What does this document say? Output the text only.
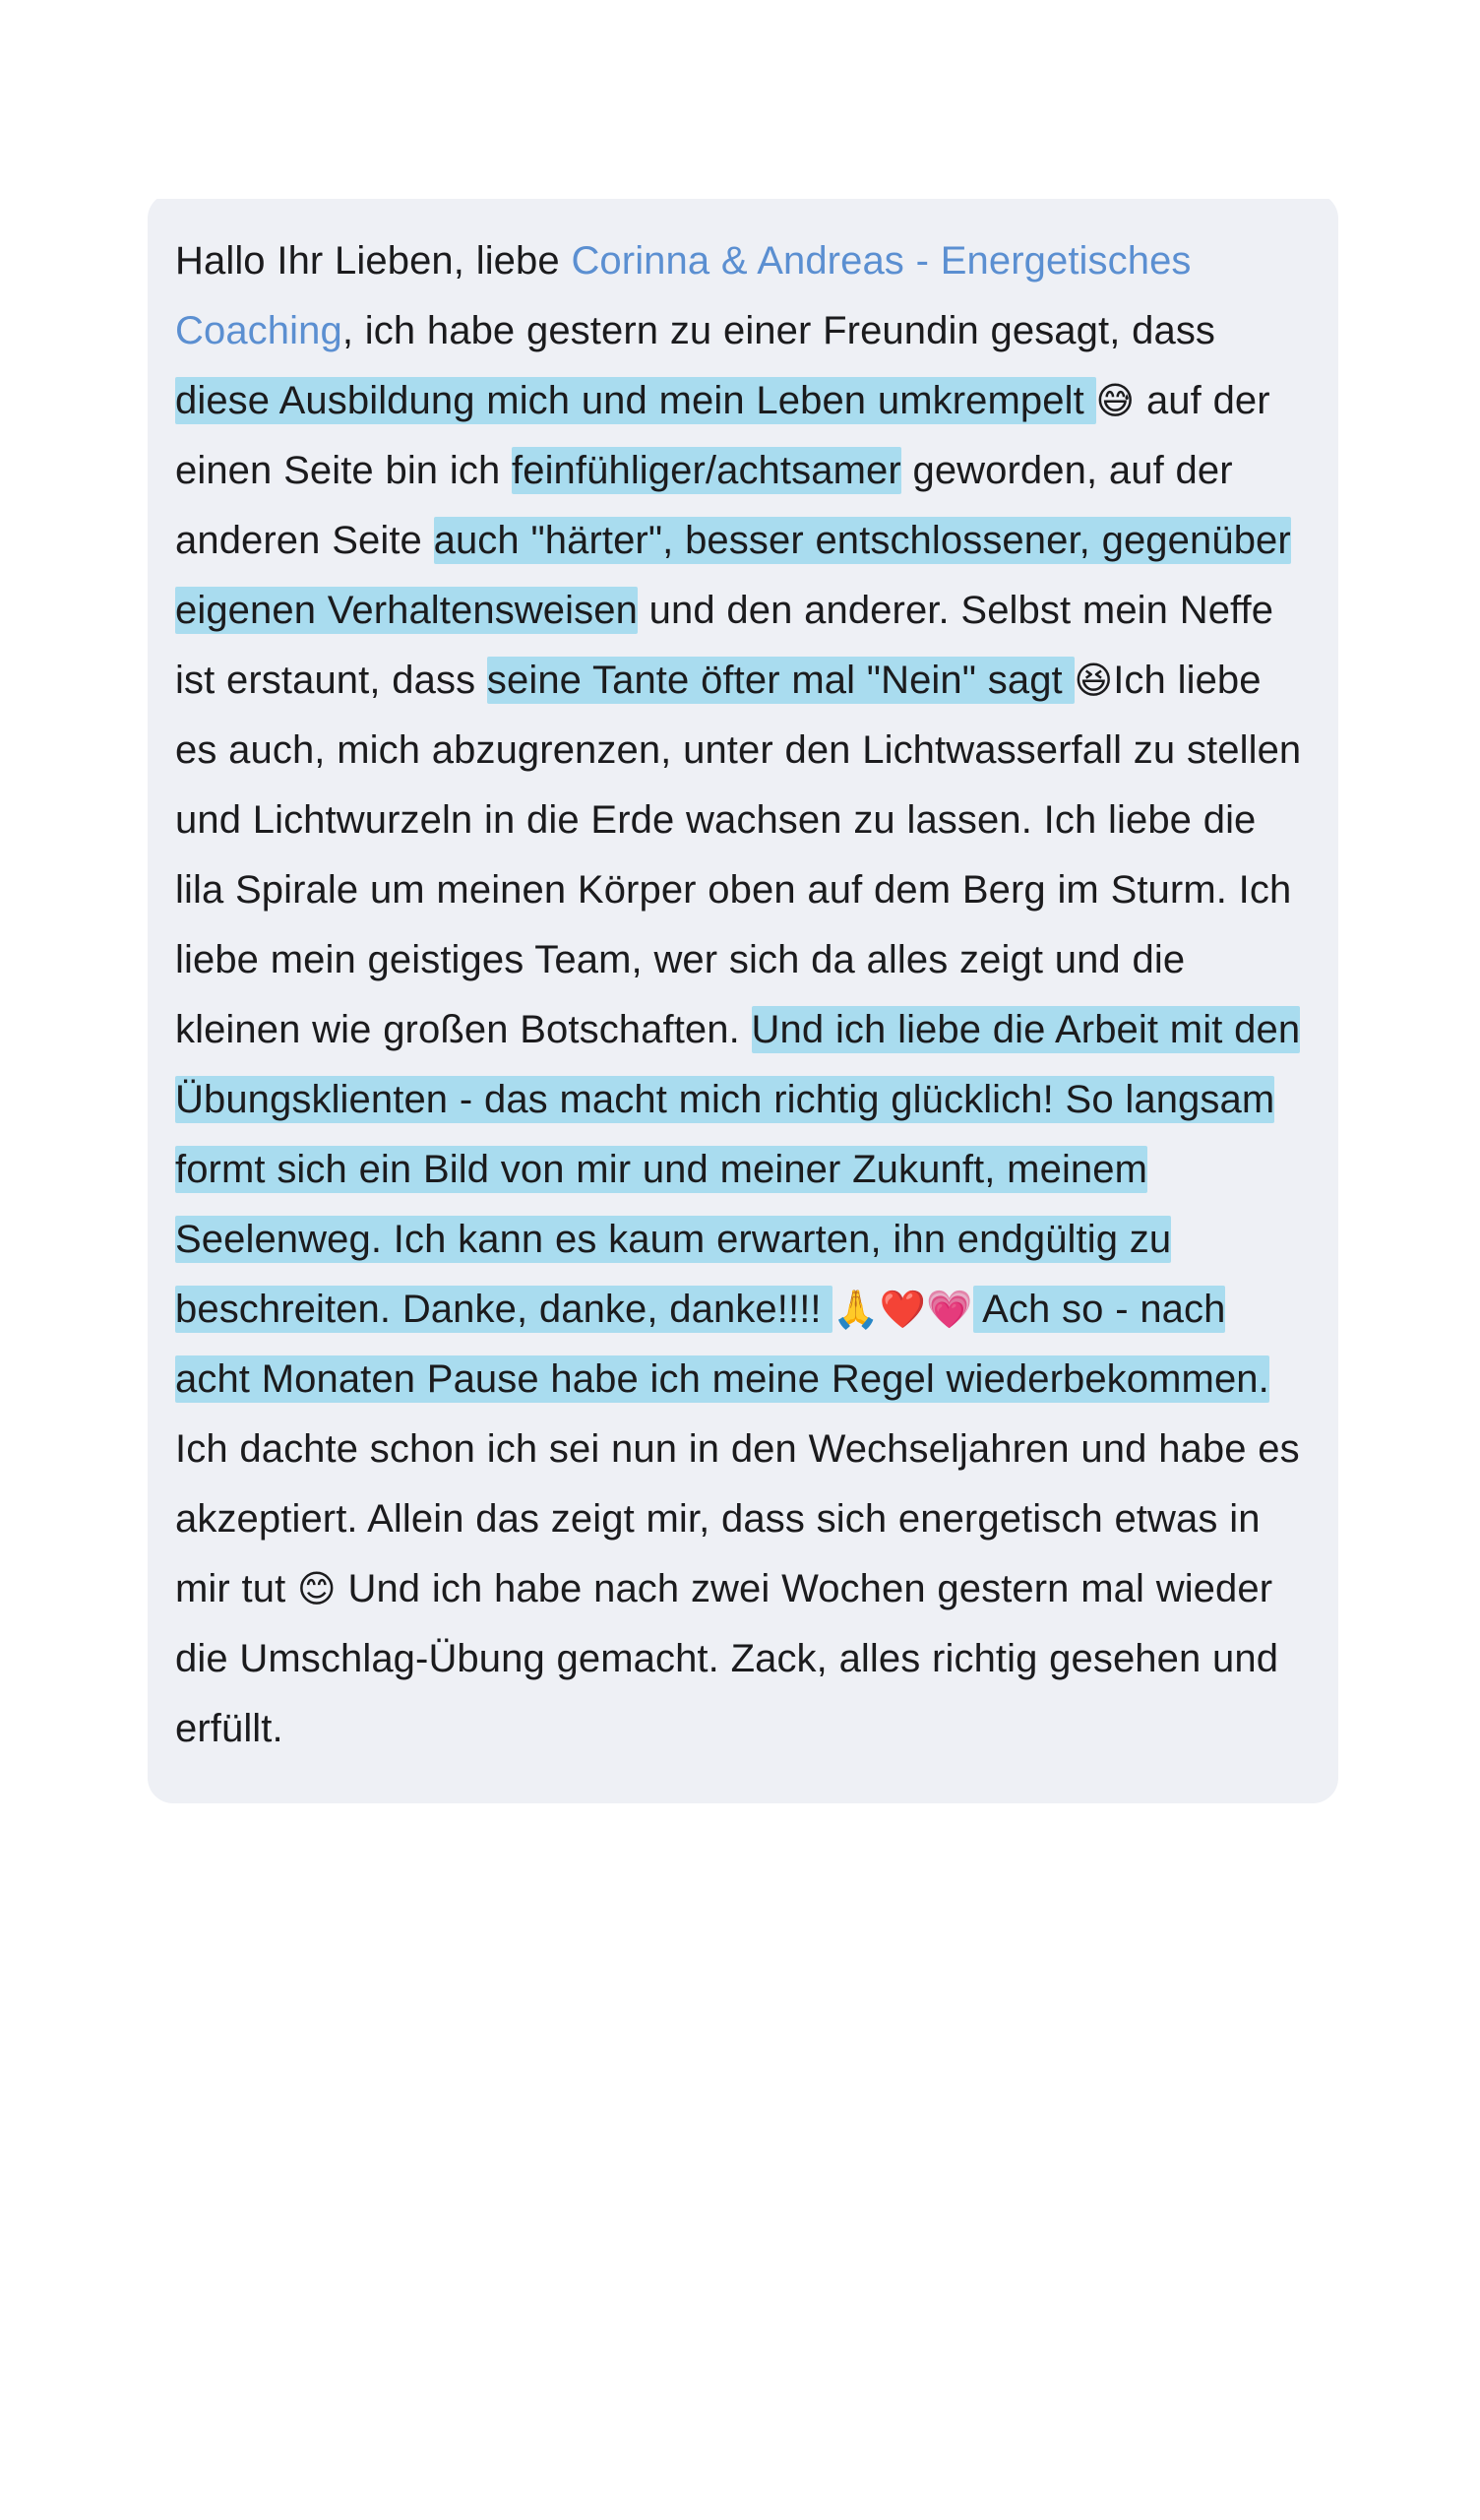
Hallo Ihr Lieben, liebe Corinna & Andreas - Energetisches Coaching, ich habe gestern zu einer Freundin gesagt, dass diese Ausbildung mich und mein Leben umkrempelt 😅 auf der einen Seite bin ich feinfühliger/achtsamer geworden, auf der anderen Seite auch "härter", besser entschlossener, gegenüber eigenen Verhaltensweisen und den anderer. Selbst mein Neffe ist erstaunt, dass seine Tante öfter mal "Nein" sagt 😆Ich liebe es auch, mich abzugrenzen, unter den Lichtwasserfall zu stellen und Lichtwurzeln in die Erde wachsen zu lassen. Ich liebe die lila Spirale um meinen Körper oben auf dem Berg im Sturm. Ich liebe mein geistiges Team, wer sich da alles zeigt und die kleinen wie großen Botschaften. Und ich liebe die Arbeit mit den Übungsklienten - das macht mich richtig glücklich! So langsam formt sich ein Bild von mir und meiner Zukunft, meinem Seelenweg. Ich kann es kaum erwarten, ihn endgültig zu beschreiten. Danke, danke, danke!!!! 🙏❤️💗 Ach so - nach acht Monaten Pause habe ich meine Regel wiederbekommen. Ich dachte schon ich sei nun in den Wechseljahren und habe es akzeptiert. Allein das zeigt mir, dass sich energetisch etwas in mir tut 😊 Und ich habe nach zwei Wochen gestern mal wieder die Umschlag-Übung gemacht. Zack, alles richtig gesehen und erfüllt.
